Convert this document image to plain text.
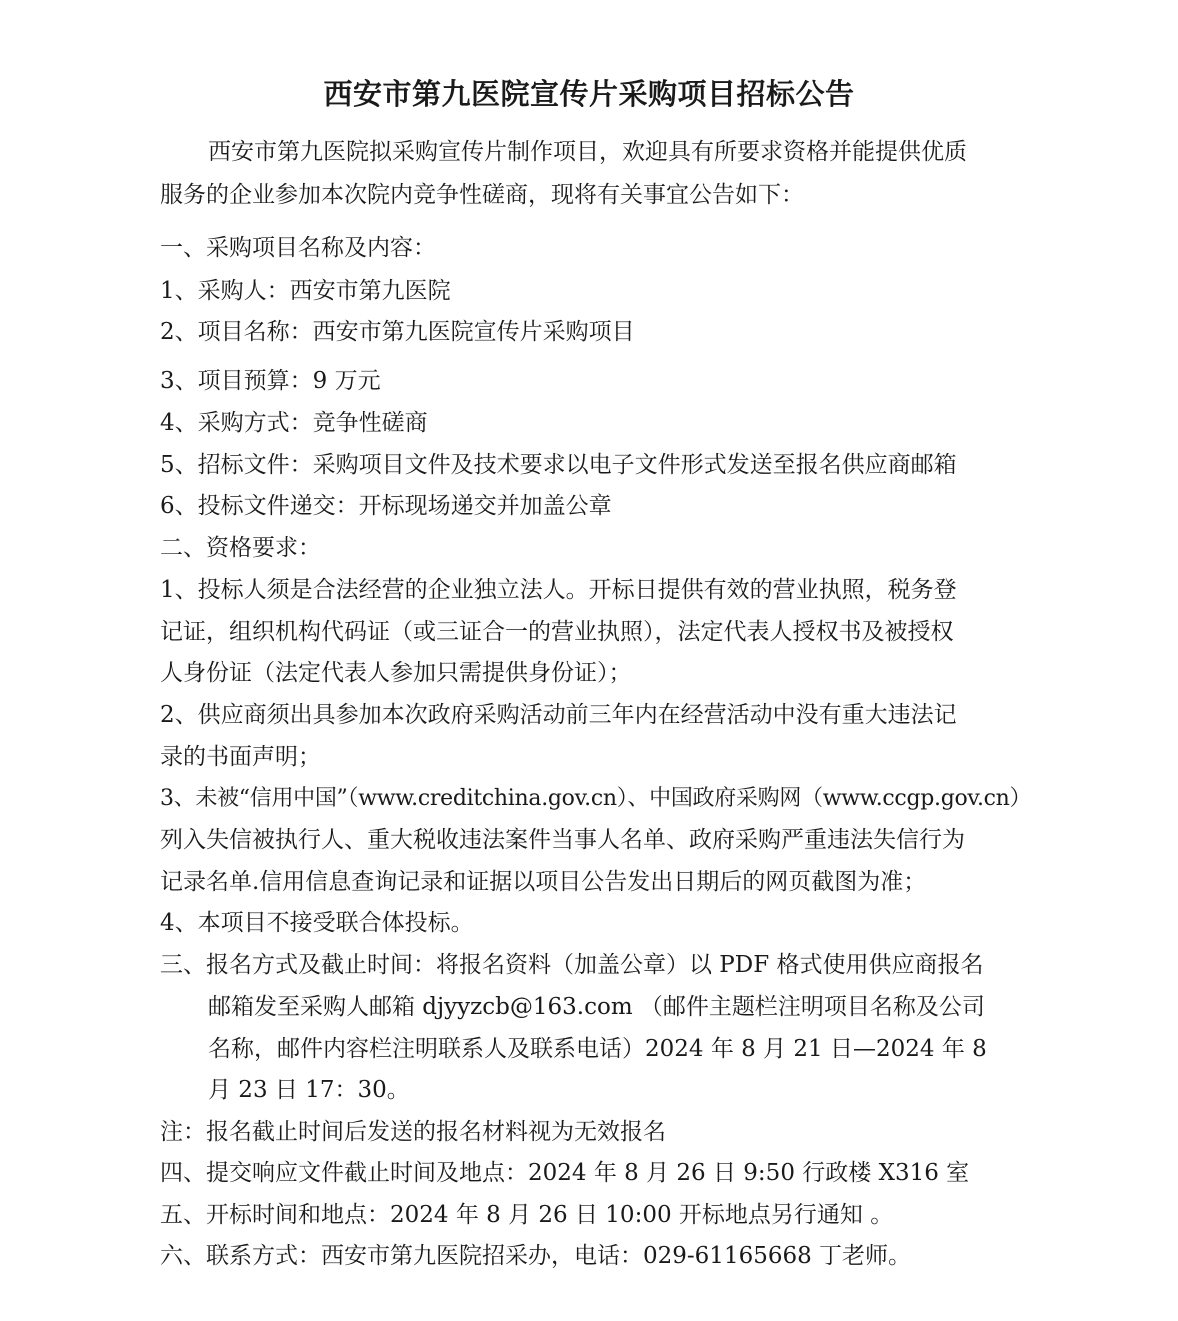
西安市第九医院宣传片采购项目招标公告
西安市第九医院拟采购宣传片制作项目，欢迎具有所要求资格并能提供优质
服务的企业参加本次院内竞争性磋商，现将有关事宜公告如下：
一、采购项目名称及内容：
1、采购人：西安市第九医院
2、项目名称：西安市第九医院宣传片采购项目
3、项目预算：9 万元
4、采购方式：竞争性磋商
5、招标文件：采购项目文件及技术要求以电子文件形式发送至报名供应商邮箱
6、投标文件递交：开标现场递交并加盖公章
二、资格要求：
1、投标人须是合法经营的企业独立法人。开标日提供有效的营业执照，税务登
记证，组织机构代码证（或三证合一的营业执照），法定代表人授权书及被授权
人身份证（法定代表人参加只需提供身份证）；
2、供应商须出具参加本次政府采购活动前三年内在经营活动中没有重大违法记
录的书面声明；
3、未被“信用中国”（www.creditchina.gov.cn）、中国政府采购网（www.ccgp.gov.cn）
列入失信被执行人、重大税收违法案件当事人名单、政府采购严重违法失信行为
记录名单.信用信息查询记录和证据以项目公告发出日期后的网页截图为准；
4、本项目不接受联合体投标。
三、报名方式及截止时间：将报名资料（加盖公章）以 PDF 格式使用供应商报名
邮箱发至采购人邮箱 djyyzcb@163.com （邮件主题栏注明项目名称及公司
名称，邮件内容栏注明联系人及联系电话）2024 年 8 月 21 日—2024 年 8
月 23 日 17：30。
注：报名截止时间后发送的报名材料视为无效报名
四、提交响应文件截止时间及地点：2024 年 8 月 26 日 9:50 行政楼 X316 室
五、开标时间和地点：2024 年 8 月 26 日 10:00 开标地点另行通知 。
六、联系方式：西安市第九医院招采办，电话：029-61165668 丁老师。
